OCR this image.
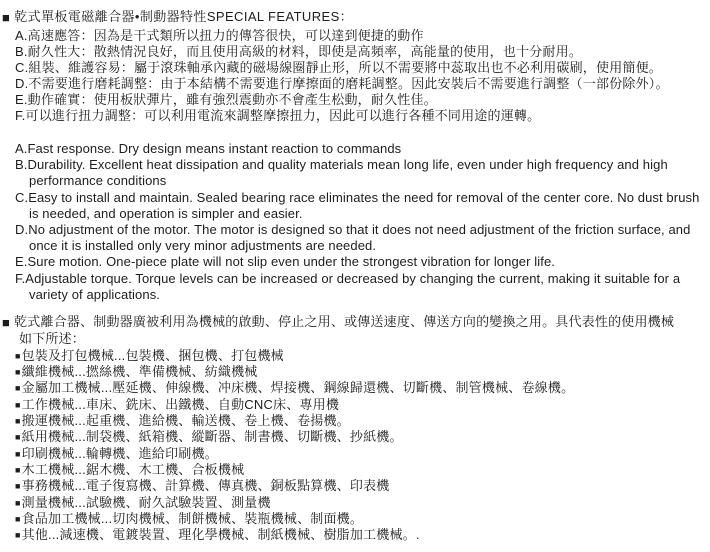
■ 乾式單板電磁離合器•制動器特性SPECIAL FEATURES：
A.高速應答：因為是干式類所以扭力的傳答很快，可以達到便捷的動作
B.耐久性大：散熱情況良好，而且使用高級的材料，即使是高頻率，高能量的使用，也十分耐用。
C.組裝、維護容易：屬于滾珠軸承內藏的磁場線圈靜止形，所以不需要將中蕊取出也不必利用碳刷，使用簡便。
D.不需要進行磨耗調整：由于本結構不需要進行摩擦面的磨耗調整。因此安裝后不需要進行調整（一部份除外）。
E.動作確實：使用板狀彈片，雖有強烈震動亦不會產生松動，耐久性佳。
F.可以進行扭力調整：可以利用電流來調整摩擦扭力，因此可以進行各種不同用途的運轉。
A.Fast response. Dry design means instant reaction to commands
B.Durability. Excellent heat dissipation and quality materials mean long life, even under high frequency and high performance conditions
C.Easy to install and maintain. Sealed bearing race eliminates the need for removal of the center core. No dust brush is needed, and operation is simpler and easier.
D.No adjustment of the motor. The motor is designed so that it does not need adjustment of the friction surface, and once it is installed only very minor adjustments are needed.
E.Sure motion. One-piece plate will not slip even under the strongest vibration for longer life.
F.Adjustable torque. Torque levels can be increased or decreased by changing the current, making it suitable for a variety of applications.
■ 乾式離合器、制動器廣被利用為機械的啟動、停止之用、或傳送速度、傳送方向的變換之用。具代表性的使用機械
如下所述：
■包裝及打包機械...包裝機、捆包機、打包機械
■纖維機械...撚絲機、準備機械、紡織機械
■金屬加工機械...壓延機、伸線機、冲床機、焊接機、鋼線歸還機、切斷機、制管機械、卷線機。
■工作機械...車床、銑床、出鐵機、自動CNC床、專用機
■搬運機械...起重機、進給機、輸送機、卷上機、卷揚機。
■紙用機械...制袋機、紙箱機、縱斷器、制書機、切斷機、抄紙機。
■印刷機械...輪轉機、進給印刷機。
■木工機械...鋸木機、木工機、合板機械
■事務機械...電子復寫機、計算機、傳真機、銅板點算機、印表機
■測量機械...試驗機、耐久試驗裝置、測量機
■食品加工機械...切肉機械、制餅機械、裝瓶機械、制面機。
■其他...減速機、電鍍裝置、理化學機械、制紙機械、樹脂加工機械。.
